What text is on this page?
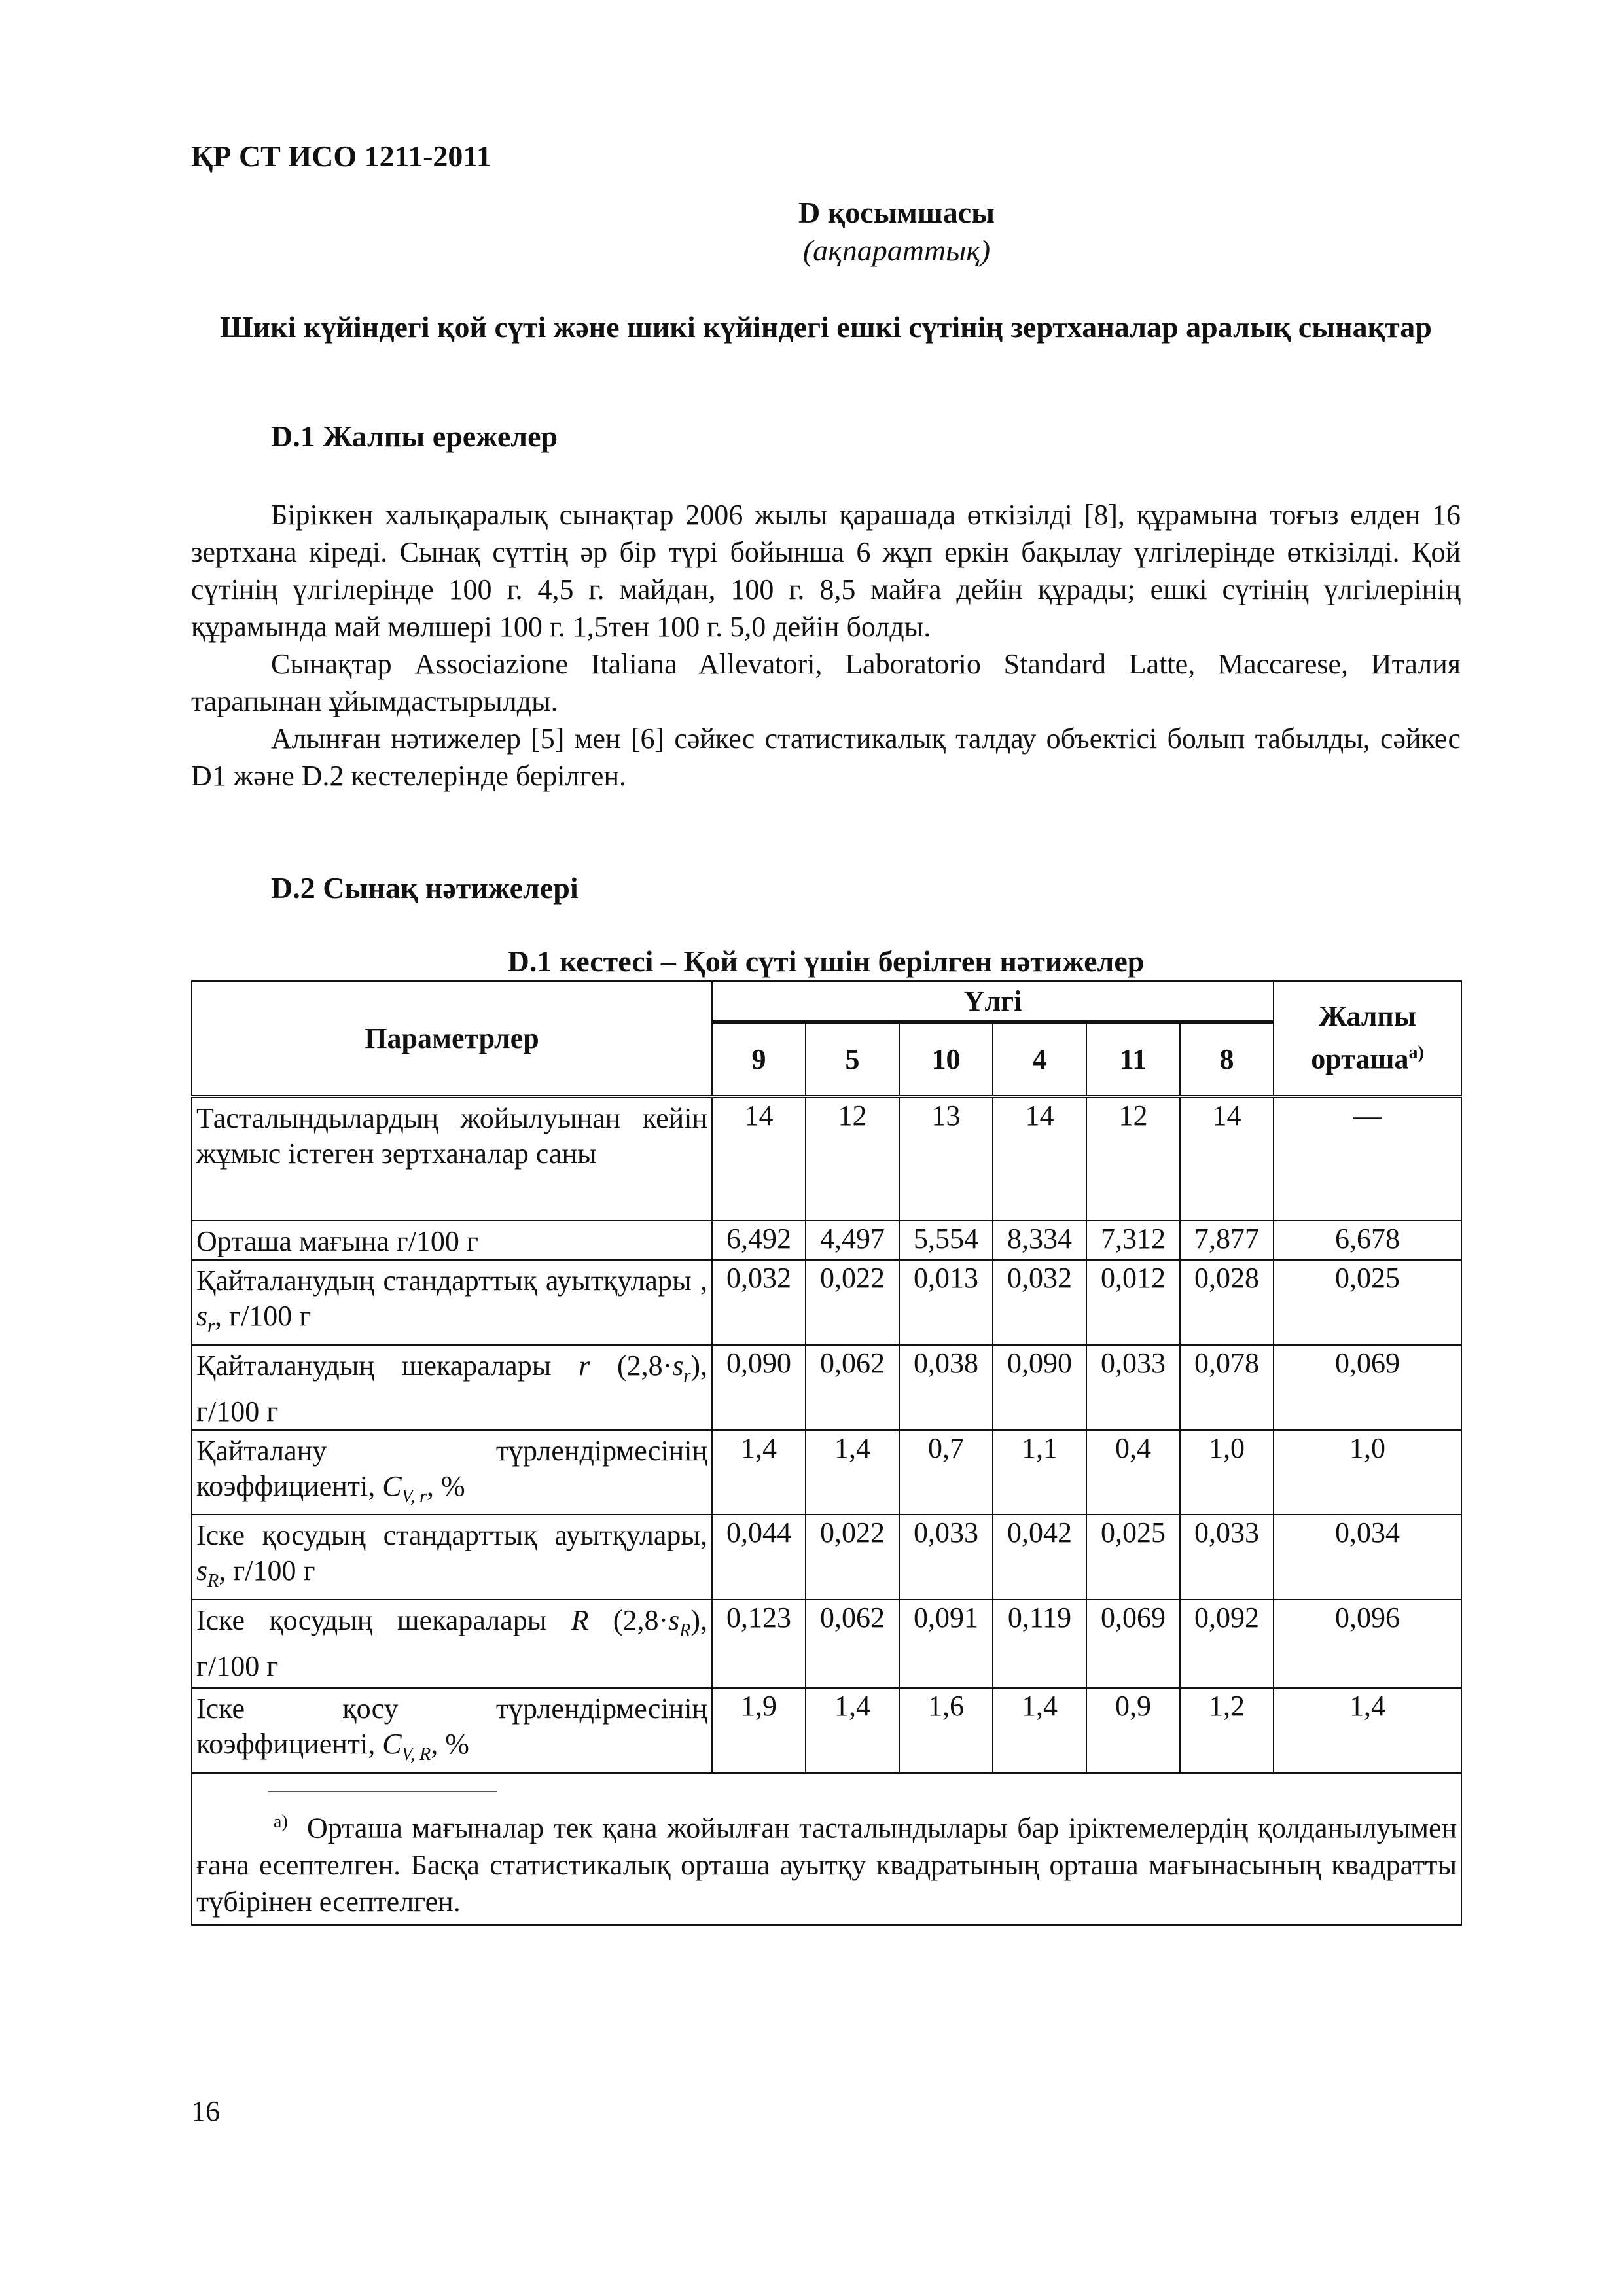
ҚР СТ ИСО 1211-2011
D қосымшасы
(ақпараттық)
Шикі күйіндегі қой сүті және шикі күйіндегі ешкі сүтінің зертханалар аралық сынақтар
D.1 Жалпы ережелер

Біріккен халықаралық сынақтар 2006 жылы қарашада өткізілді [8], құрамына тоғыз елден 16 зертхана кіреді. Сынақ сүттің әр бір түрі бойынша 6 жұп еркін бақылау үлгілерінде өткізілді. Қой сүтінің үлгілерінде 100 г. 4,5 г. майдан, 100 г. 8,5 майға дейін құрады; ешкі сүтінің үлгілерінің құрамында май мөлшері 100 г. 1,5тен 100 г. 5,0 дейін болды.

Сынақтар Associazione Italiana Allevatori, Laboratorio Standard Latte, Maccarese, Италия тарапынан ұйымдастырылды.

Алынған нәтижелер [5] мен [6] сәйкес статистикалық талдау объектісі болып табылды, сәйкес D1 және D.2 кестелерінде берілген.

D.2 Сынақ нәтижелері
D.1 кестесі – Қой сүті үшін берілген нәтижелер
Параметрлер	Үлгі						Жалпы
орташа$^{а)}$
	9	5	10	4	11	8	
Тасталындылардың жойылуынан кейін жұмыс істеген зертханалар саны	14	12	13	14	12	14	—
Орташа мағына г/100 г	6,492	4,497	5,554	8,334	7,312	7,877	6,678
Қайталанудың стандарттық ауытқулары , $s_r$, г/100 г	0,032	0,022	0,013	0,032	0,012	0,028	0,025
Қайталанудың шекаралары r $(2,8\cdot s_r)$, г/100 г	0,090	0,062	0,038	0,090	0,033	0,078	0,069
Қайталану түрлендірмесінің коэффициенті, $C_{V, r}$, %	1,4	1,4	0,7	1,1	0,4	1,0	1,0
Іске қосудың стандарттық ауытқулары, $s_R$, г/100 г	0,044	0,022	0,033	0,042	0,025	0,033	0,034
Іске қосудың шекаралары R $(2,8\cdot s_R)$, г/100 г	0,123	0,062	0,091	0,119	0,069	0,092	0,096
Іске қосу түрлендірмесінің коэффициенті, $C_{V, R}$, %	1,9	1,4	1,6	1,4	0,9	1,2	1,4

$^{а)}$ Орташа мағыналар тек қана жойылған тасталындылары бар іріктемелердің қолданылуымен ғана есептелген. Басқа статистикалық орташа ауытқу квадратының орташа мағынасының квадратты түбірінен есептелген.							

16
